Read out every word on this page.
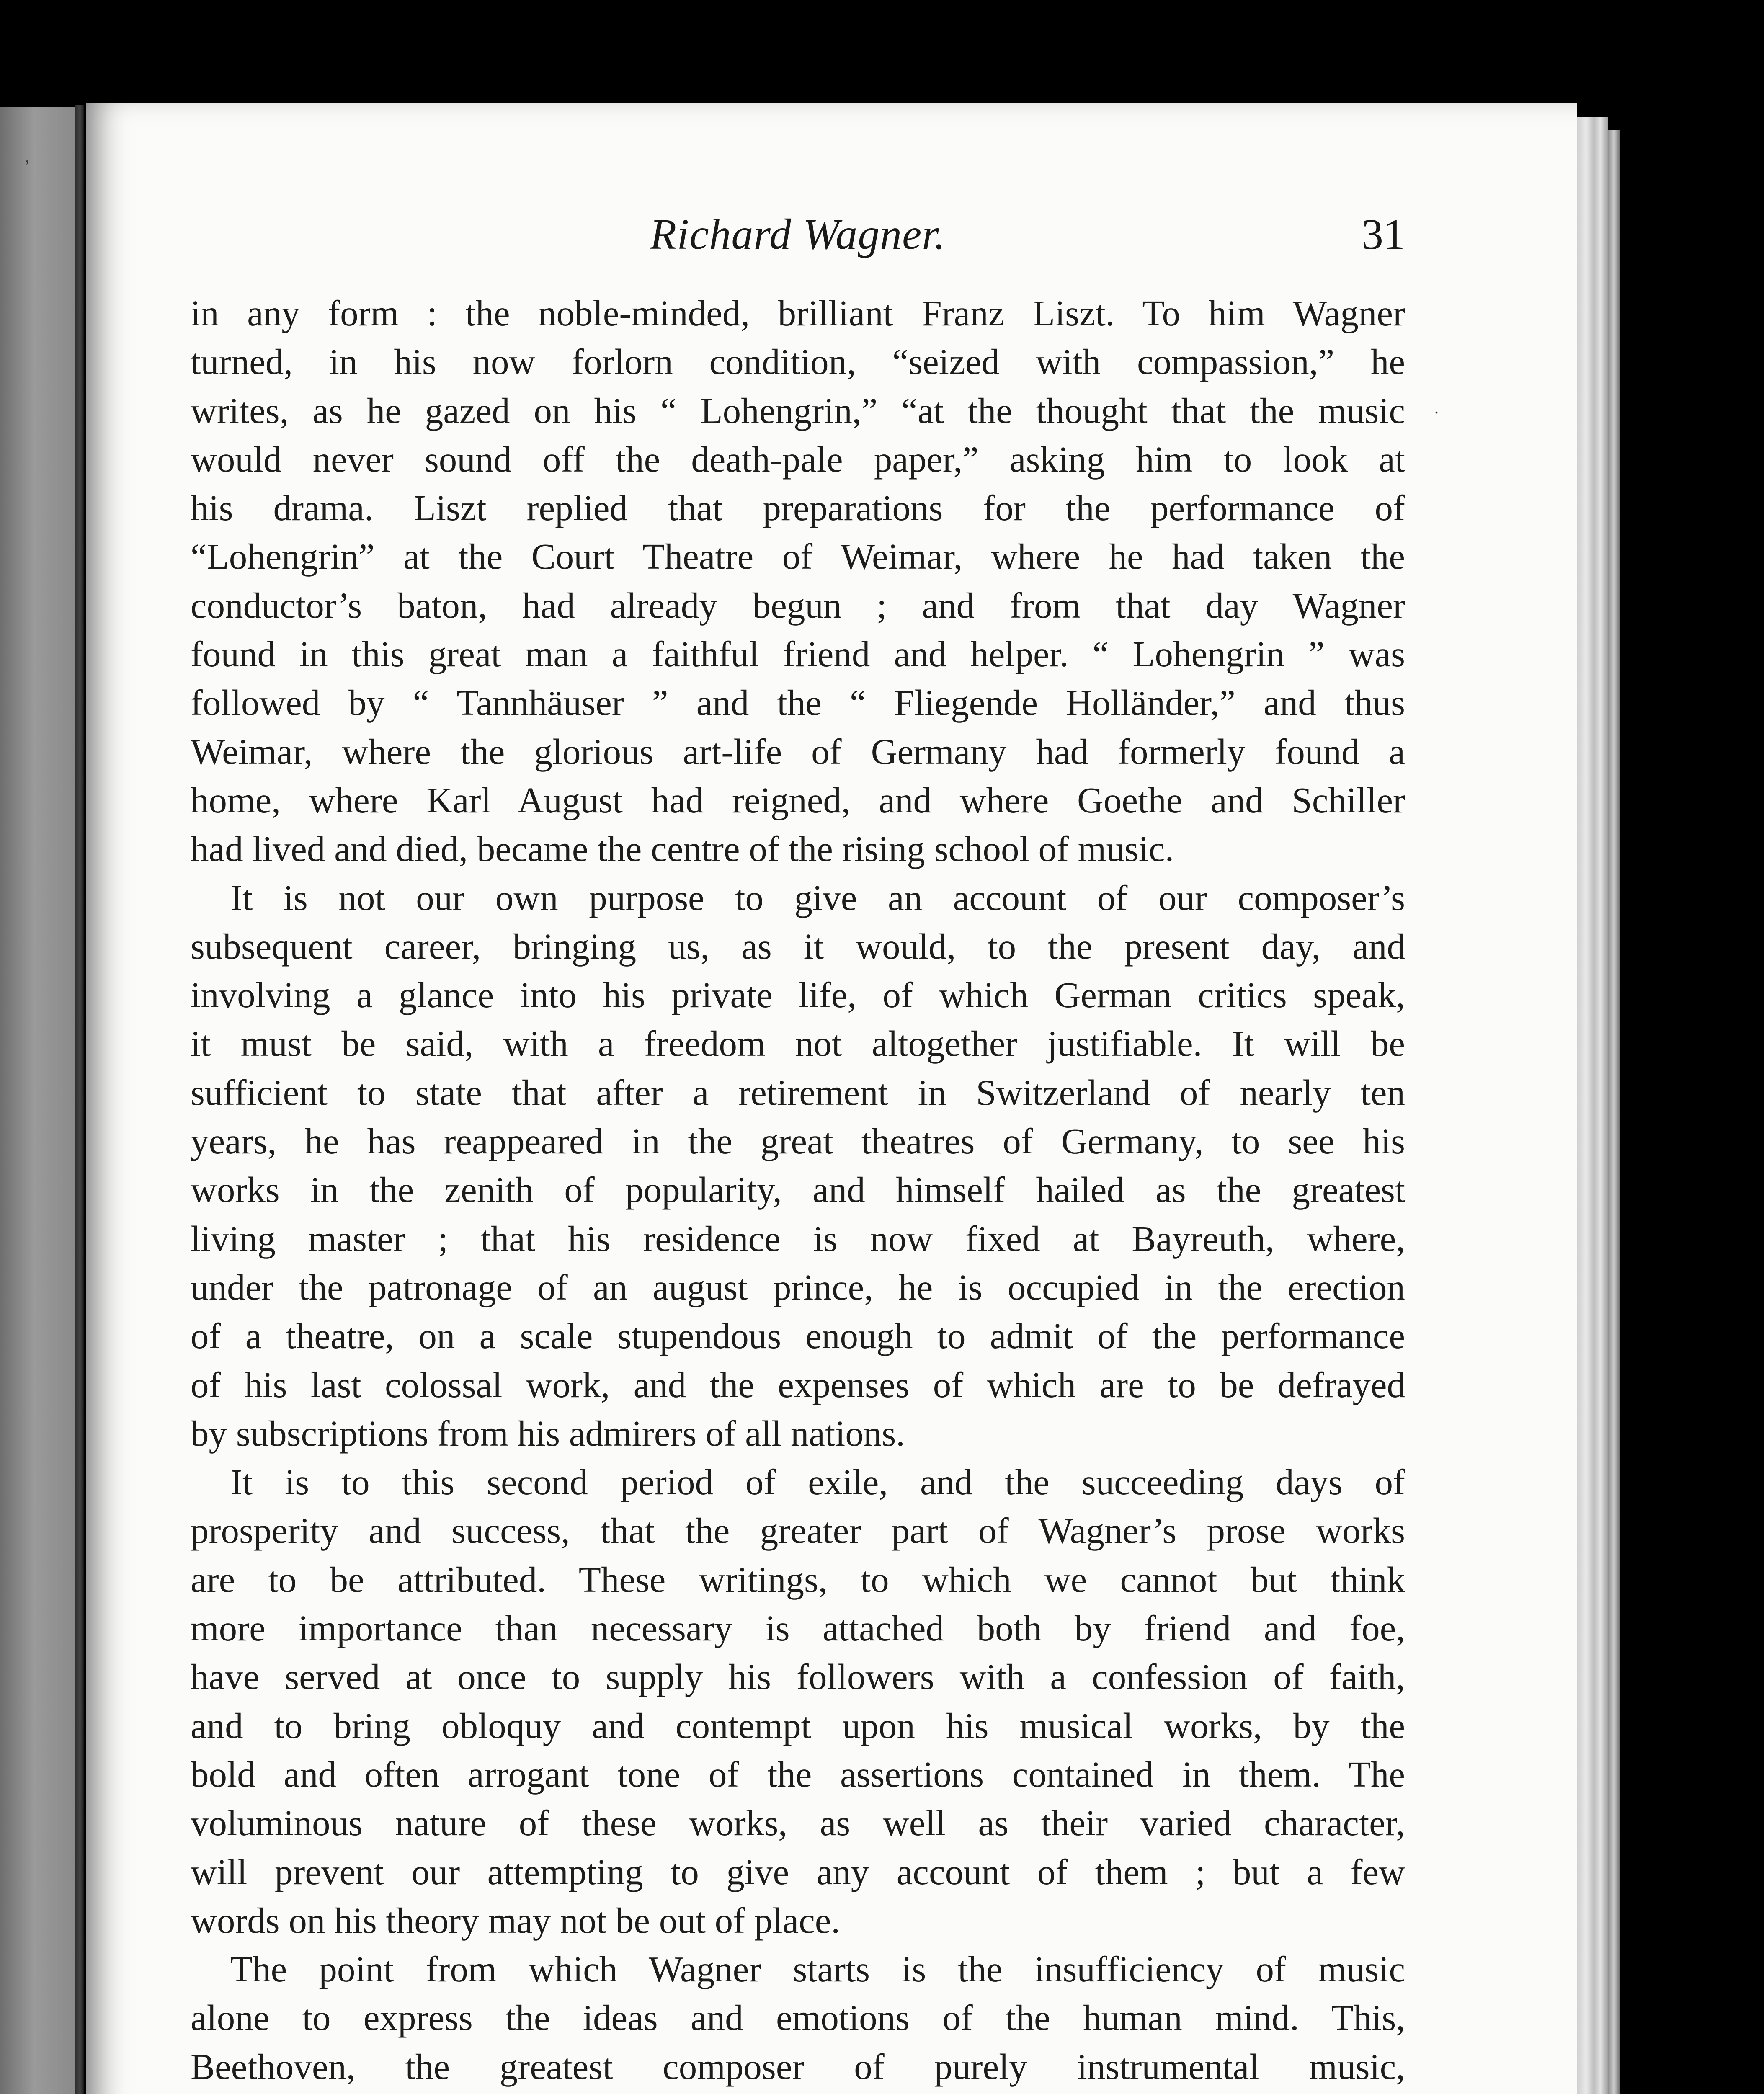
Richard Wagner.	31

in any form : the noble-minded, brilliant Franz Liszt. To him Wagner
turned, in his now forlorn condition, “seized with compassion,” he
writes, as he gazed on his “ Lohengrin,” “at the thought that the music
would never sound off the death-pale paper,” asking him to look at
his drama. Liszt replied that preparations for the performance of
“Lohengrin” at the Court Theatre of Weimar, where he had taken the
conductor’s baton, had already begun ; and from that day Wagner
found in this great man a faithful friend and helper. “ Lohengrin ” was
followed by “ Tannhäuser ” and the “ Fliegende Holländer,” and thus
Weimar, where the glorious art-life of Germany had formerly found a
home, where Karl August had reigned, and where Goethe and Schiller
had lived and died, became the centre of the rising school of music.

It is not our own purpose to give an account of our composer’s
subsequent career, bringing us, as it would, to the present day, and
involving a glance into his private life, of which German critics speak,
it must be said, with a freedom not altogether justifiable. It will be
sufficient to state that after a retirement in Switzerland of nearly ten
years, he has reappeared in the great theatres of Germany, to see his
works in the zenith of popularity, and himself hailed as the greatest
living master ; that his residence is now fixed at Bayreuth, where,
under the patronage of an august prince, he is occupied in the erection
of a theatre, on a scale stupendous enough to admit of the performance
of his last colossal work, and the expenses of which are to be defrayed
by subscriptions from his admirers of all nations.

It is to this second period of exile, and the succeeding days of
prosperity and success, that the greater part of Wagner’s prose works
are to be attributed. These writings, to which we cannot but think
more importance than necessary is attached both by friend and foe,
have served at once to supply his followers with a confession of faith,
and to bring obloquy and contempt upon his musical works, by the
bold and often arrogant tone of the assertions contained in them. The
voluminous nature of these works, as well as their varied character,
will prevent our attempting to give any account of them ; but a few
words on his theory may not be out of place.

The point from which Wagner starts is the insufficiency of music
alone to express the ideas and emotions of the human mind. This,
Beethoven, the greatest composer of purely instrumental music,

,
.
